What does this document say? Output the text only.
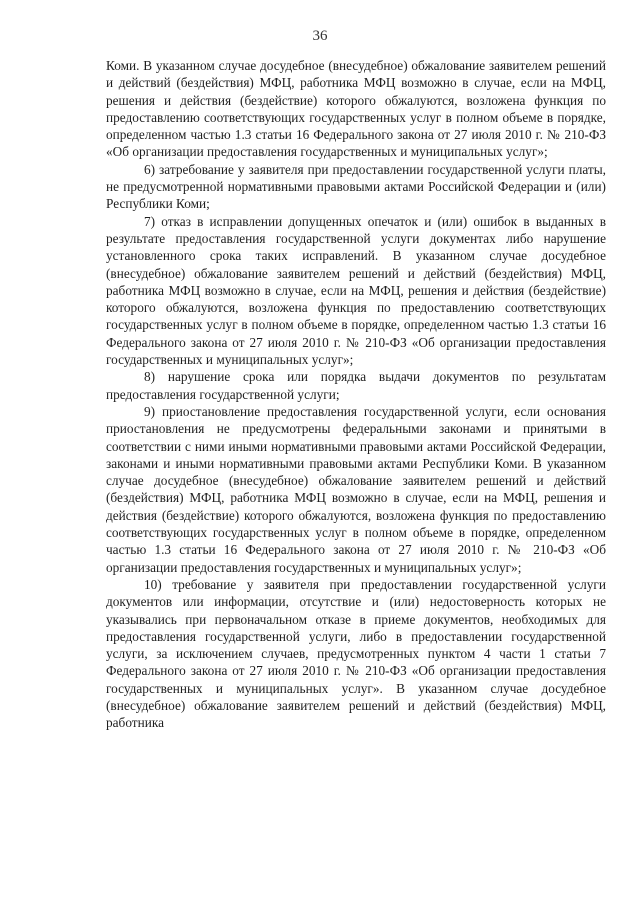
36

Коми. В указанном случае досудебное (внесудебное) обжалование заявителем решений и действий (бездействия) МФЦ, работника МФЦ возможно в случае, если на МФЦ, решения и действия (бездействие) которого обжалуются, возложена функция по предоставлению соответствующих государственных услуг в полном объеме в порядке, определенном частью 1.3 статьи 16 Федерального закона от 27 июля 2010 г. № 210-ФЗ «Об организации предоставления государственных и муниципальных услуг»;

6) затребование у заявителя при предоставлении государственной услуги платы, не предусмотренной нормативными правовыми актами Российской Федерации и (или) Республики Коми;

7) отказ в исправлении допущенных опечаток и (или) ошибок в выданных в результате предоставления государственной услуги документах либо нарушение установленного срока таких исправлений. В указанном случае досудебное (внесудебное) обжалование заявителем решений и действий (бездействия) МФЦ, работника МФЦ возможно в случае, если на МФЦ, решения и действия (бездействие) которого обжалуются, возложена функция по предоставлению соответствующих государственных услуг в полном объеме в порядке, определенном частью 1.3 статьи 16 Федерального закона от 27 июля 2010 г. № 210-ФЗ «Об организации предоставления государственных и муниципальных услуг»;

8) нарушение срока или порядка выдачи документов по результатам предоставления государственной услуги;

9) приостановление предоставления государственной услуги, если основания приостановления не предусмотрены федеральными законами и принятыми в соответствии с ними иными нормативными правовыми актами Российской Федерации, законами и иными нормативными правовыми актами Республики Коми. В указанном случае досудебное (внесудебное) обжалование заявителем решений и действий (бездействия) МФЦ, работника МФЦ возможно в случае, если на МФЦ, решения и действия (бездействие) которого обжалуются, возложена функция по предоставлению соответствующих государственных услуг в полном объеме в порядке, определенном частью 1.3 статьи 16 Федерального закона от 27 июля 2010 г. № 210-ФЗ «Об организации предоставления государственных и муниципальных услуг»;

10) требование у заявителя при предоставлении государственной услуги документов или информации, отсутствие и (или) недостоверность которых не указывались при первоначальном отказе в приеме документов, необходимых для предоставления государственной услуги, либо в предоставлении государственной услуги, за исключением случаев, предусмотренных пунктом 4 части 1 статьи 7 Федерального закона от 27 июля 2010 г. № 210-ФЗ «Об организации предоставления государственных и муниципальных услуг». В указанном случае досудебное (внесудебное) обжалование заявителем решений и действий (бездействия) МФЦ, работника
